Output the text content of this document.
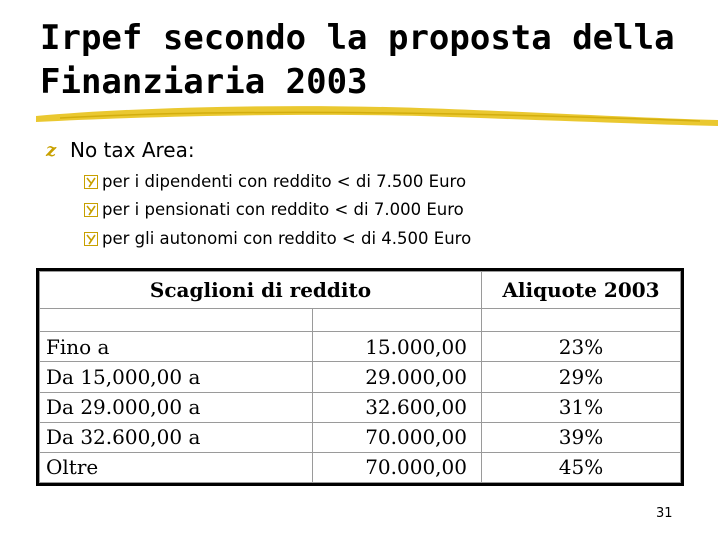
Irpef secondo la proposta della
Finanziaria 2003
z No tax Area:
per i dipendenti con reddito < di 7.500 Euro
per i pensionati con reddito < di 7.000 Euro
per gli autonomi con reddito < di 4.500 Euro
Scaglioni di reddito		Aliquote 2003

Fino a	15.000,00	23%
Da 15,000,00 a	29.000,00	29%
Da 29.000,00 a	32.600,00	31%
Da 32.600,00 a	70.000,00	39%
Oltre	70.000,00	45%
31
